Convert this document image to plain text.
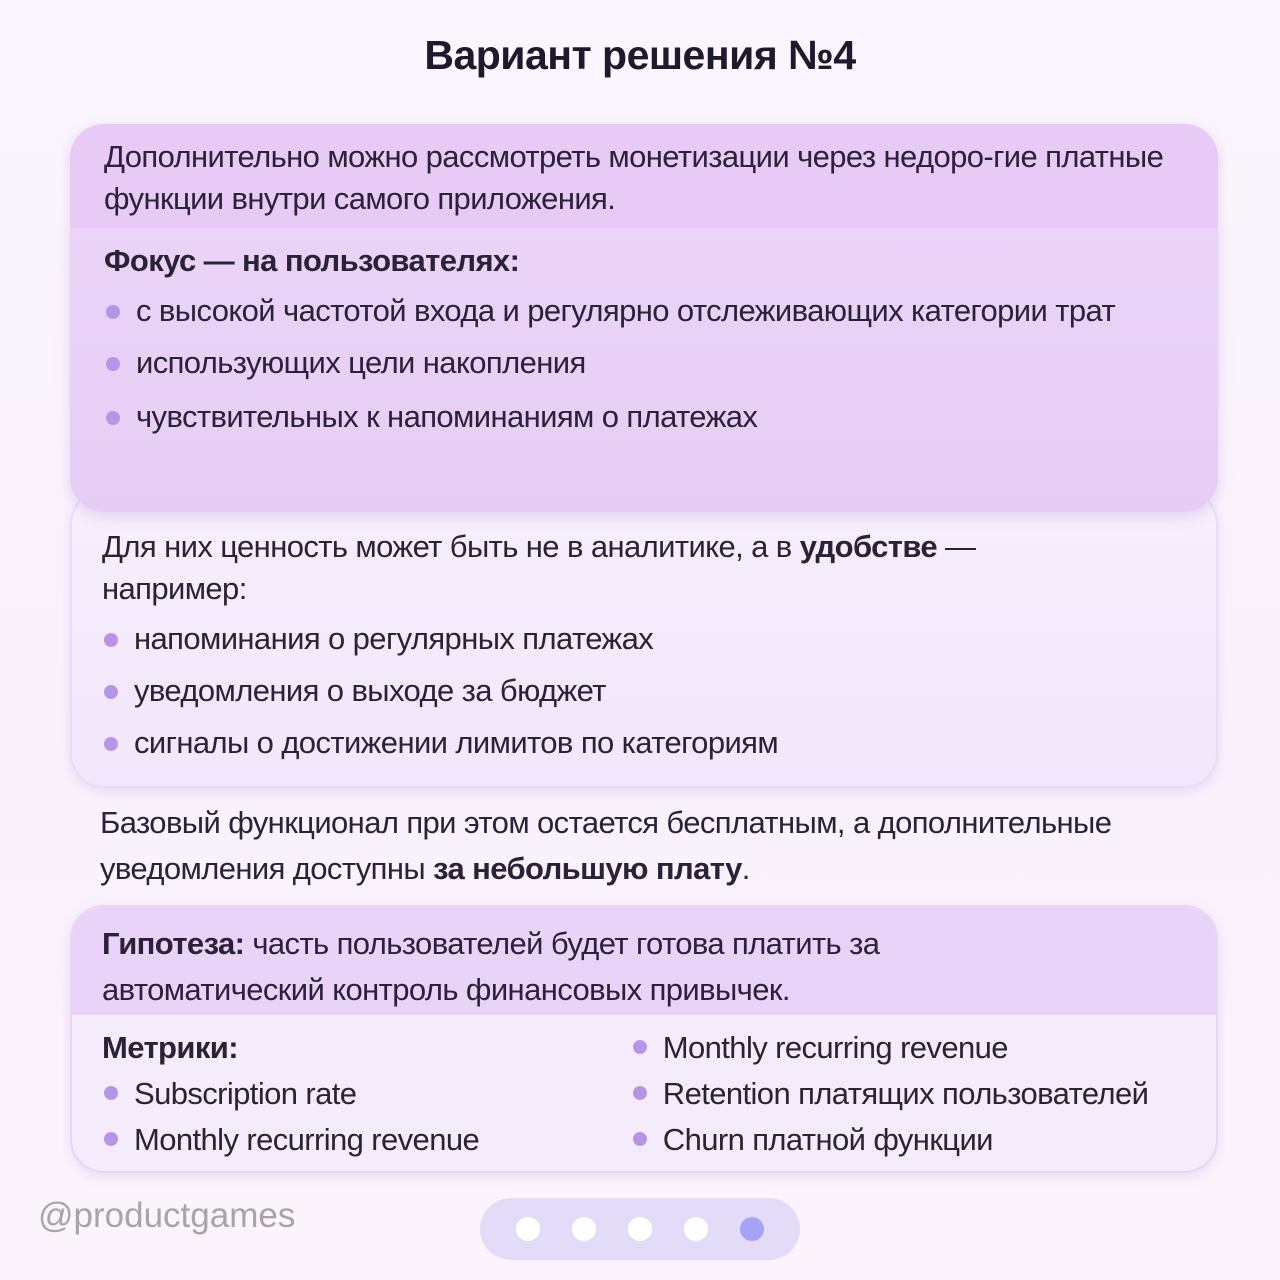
Вариант решения №4
Дополнительно можно рассмотреть монетизации через недоро-гие платные функции внутри самого приложения.
Фокус — на пользователях:
с высокой частотой входа и регулярно отслеживающих категории трат
использующих цели накопления
чувствительных к напоминаниям о платежах
Для них ценность может быть не в аналитике, а в удобстве — например:
напоминания о регулярных платежах
уведомления о выходе за бюджет
сигналы о достижении лимитов по категориям
Базовый функционал при этом остается бесплатным, а дополнительные уведомления доступны за небольшую плату.
Гипотеза: часть пользователей будет готова платить за автоматический контроль финансовых привычек.
Метрики:
Subscription rate
Monthly recurring revenue
Monthly recurring revenue
Retention платящих пользователей
Churn платной функции
@productgames
